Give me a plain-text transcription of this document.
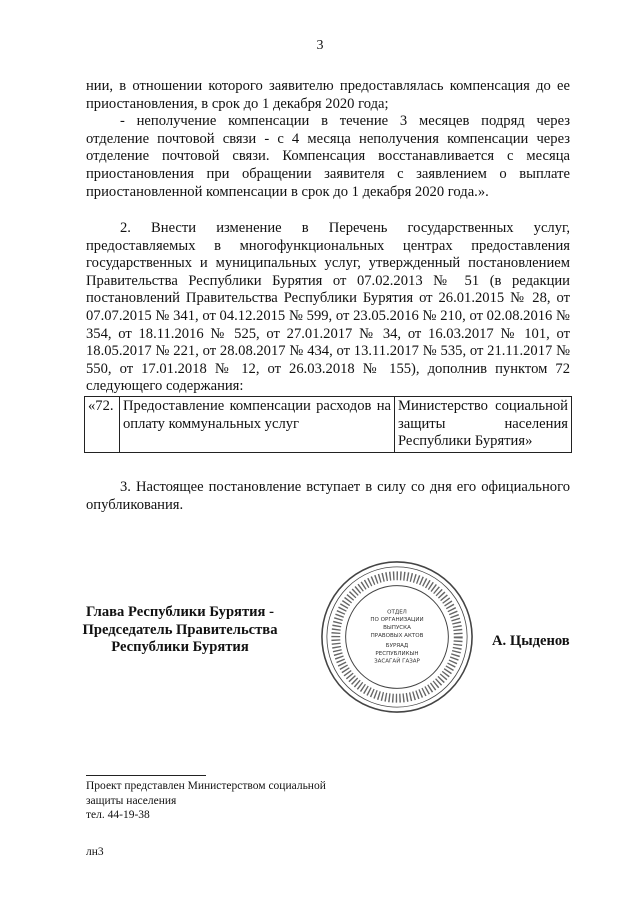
3

нии, в отношении которого заявителю предоставлялась компенсация до ее приостановления, в срок до 1 декабря 2020 года;

- неполучение компенсации в течение 3 месяцев подряд через отделение почтовой связи - с 4 месяца неполучения компенсации через отделение почтовой связи. Компенсация восстанавливается с месяца приостановления при обращении заявителя с заявлением о выплате приостановленной компенсации в срок до 1 декабря 2020 года.».

2. Внести изменение в Перечень государственных услуг, предоставляемых в многофункциональных центрах предоставления государственных и муниципальных услуг, утвержденный постановлением Правительства Республики Бурятия от 07.02.2013 № 51 (в редакции постановлений Правительства Республики Бурятия от 26.01.2015 № 28, от 07.07.2015 № 341, от 04.12.2015 № 599, от 23.05.2016 № 210, от 02.08.2016 № 354, от 18.11.2016 № 525, от 27.01.2017 № 34, от 16.03.2017 № 101, от 18.05.2017 № 221, от 28.08.2017 № 434, от 13.11.2017 № 535, от 21.11.2017 № 550, от 17.01.2018 № 12, от 26.03.2018 № 155), дополнив пунктом 72 следующего содержания:

«72.	Предоставление компенсации расходов на оплату коммунальных услуг	Министерство социальной защиты населения Республики Бурятия»

3. Настоящее постановление вступает в силу со дня его официального опубликования.

Глава Республики Бурятия -
Председатель Правительства
Республики Бурятия
ОТДЕЛ
ПО ОРГАНИЗАЦИИ
ВЫПУСКА
ПРАВОВЫХ АКТОВ
БУРЯАД
РЕСПУБЛИКЫН
ЗАСАГАЙ ГАЗАР
А. Цыденов
Проект представлен Министерством социальной
защиты населения
тел. 44-19-38
лн3
